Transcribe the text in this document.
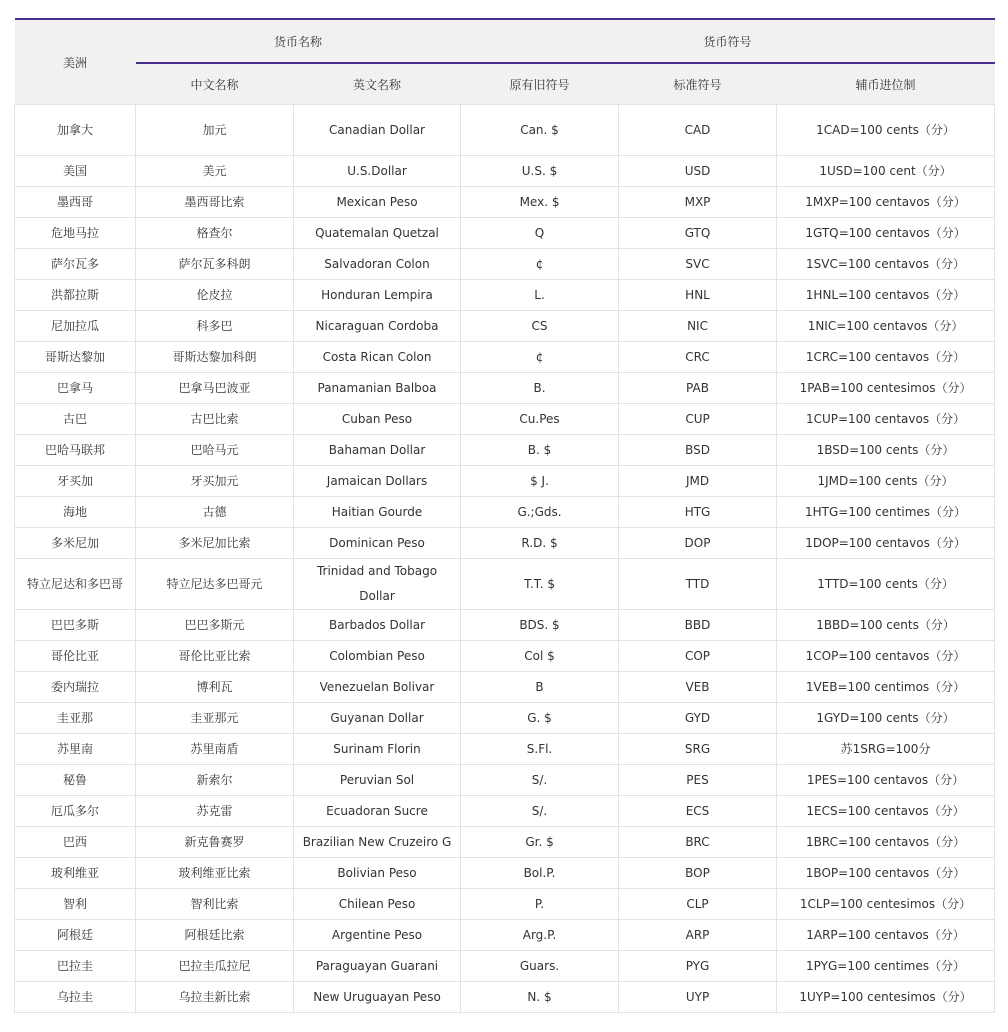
美洲	货币名称		货币符号		
	中文名称	英文名称	原有旧符号	标准符号	辅币进位制
加拿大	加元	Canadian Dollar	Can. $	CAD	1CAD=100 cents（分）
美国	美元	U.S.Dollar	U.S. $	USD	1USD=100 cent（分）
墨西哥	墨西哥比索	Mexican Peso	Mex. $	MXP	1MXP=100 centavos（分）
危地马拉	格查尔	Quatemalan Quetzal	Q	GTQ	1GTQ=100 centavos（分）
萨尔瓦多	萨尔瓦多科朗	Salvadoran Colon	¢	SVC	1SVC=100 centavos（分）
洪都拉斯	伦皮拉	Honduran Lempira	L.	HNL	1HNL=100 centavos（分）
尼加拉瓜	科多巴	Nicaraguan Cordoba	CS	NIC	1NIC=100 centavos（分）
哥斯达黎加	哥斯达黎加科朗	Costa Rican Colon	¢	CRC	1CRC=100 centavos（分）
巴拿马	巴拿马巴波亚	Panamanian Balboa	B.	PAB	1PAB=100 centesimos（分）
古巴	古巴比索	Cuban Peso	Cu.Pes	CUP	1CUP=100 centavos（分）
巴哈马联邦	巴哈马元	Bahaman Dollar	B. $	BSD	1BSD=100 cents（分）
牙买加	牙买加元	Jamaican Dollars	$ J.	JMD	1JMD=100 cents（分）
海地	古德	Haitian Gourde	G.;Gds.	HTG	1HTG=100 centimes（分）
多米尼加	多米尼加比索	Dominican Peso	R.D. $	DOP	1DOP=100 centavos（分）
特立尼达和多巴哥	特立尼达多巴哥元	Trinidad and Tobago Dollar	T.T. $	TTD	1TTD=100 cents（分）
巴巴多斯	巴巴多斯元	Barbados Dollar	BDS. $	BBD	1BBD=100 cents（分）
哥伦比亚	哥伦比亚比索	Colombian Peso	Col $	COP	1COP=100 centavos（分）
委内瑞拉	博利瓦	Venezuelan Bolivar	B	VEB	1VEB=100 centimos（分）
圭亚那	圭亚那元	Guyanan Dollar	G. $	GYD	1GYD=100 cents（分）
苏里南	苏里南盾	Surinam Florin	S.Fl.	SRG	苏1SRG=100分
秘鲁	新索尔	Peruvian Sol	S/.	PES	1PES=100 centavos（分）
厄瓜多尔	苏克雷	Ecuadoran Sucre	S/.	ECS	1ECS=100 centavos（分）
巴西	新克鲁赛罗	Brazilian New Cruzeiro G	Gr. $	BRC	1BRC=100 centavos（分）
玻利维亚	玻利维亚比索	Bolivian Peso	Bol.P.	BOP	1BOP=100 centavos（分）
智利	智利比索	Chilean Peso	P.	CLP	1CLP=100 centesimos（分）
阿根廷	阿根廷比索	Argentine Peso	Arg.P.	ARP	1ARP=100 centavos（分）
巴拉圭	巴拉圭瓜拉尼	Paraguayan Guarani	Guars.	PYG	1PYG=100 centimes（分）
乌拉圭	乌拉圭新比索	New Uruguayan Peso	N. $	UYP	1UYP=100 centesimos（分）
